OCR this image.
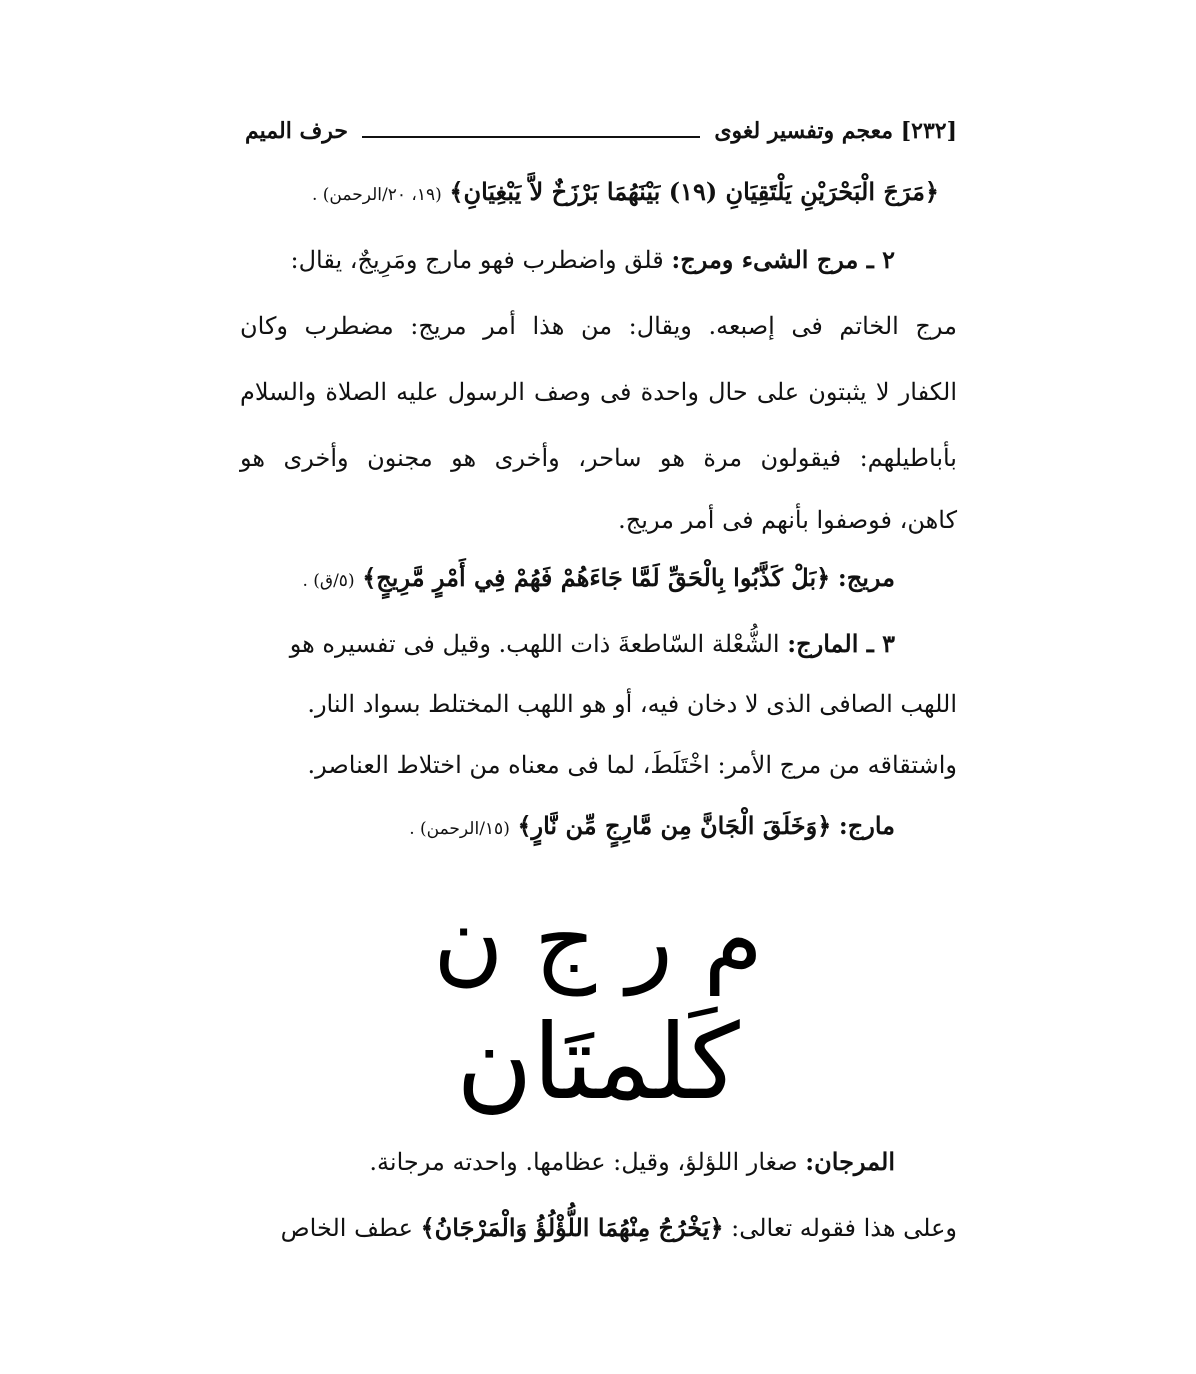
[٢٣٢] معجم وتفسير لغوى
حرف الميم
﴿مَرَجَ الْبَحْرَيْنِ يَلْتَقِيَانِ (١٩) بَيْنَهُمَا بَرْزَخٌ لاَّ يَبْغِيَانِ﴾ (١٩، ٢٠/الرحمن) .
٢ ـ مرج الشىء ومرج: قلق واضطرب فهو مارج ومَرِيجٌ، يقال:
مرج الخاتم فى إصبعه. ويقال: من هذا أمر مريج: مضطرب وكان
الكفار لا يثبتون على حال واحدة فى وصف الرسول عليه الصلاة والسلام
بأباطيلهم: فيقولون مرة هو ساحر، وأخرى هو مجنون وأخرى هو
كاهن، فوصفوا بأنهم فى أمر مريج.
مريج: ﴿بَلْ كَذَّبُوا بِالْحَقِّ لَمَّا جَاءَهُمْ فَهُمْ فِي أَمْرٍ مَّرِيجٍ﴾ (٥/ق) .
٣ ـ المارج: الشُّعْلة السّاطعةَ ذات اللهب. وقيل فى تفسيره هو
اللهب الصافى الذى لا دخان فيه، أو هو اللهب المختلط بسواد النار.
واشتقاقه من مرج الأمر: اخْتَلَطَ، لما فى معناه من اختلاط العناصر.
مارج: ﴿وَخَلَقَ الْجَانَّ مِن مَّارِجٍ مِّن نَّارٍ﴾ (١٥/الرحمن) .
م ر ج ن
كَلمتَان
المرجان: صغار اللؤلؤ، وقيل: عظامها. واحدته مرجانة.
وعلى هذا فقوله تعالى: ﴿يَخْرُجُ مِنْهُمَا اللُّؤْلُؤُ وَالْمَرْجَانُ﴾ عطف الخاص
